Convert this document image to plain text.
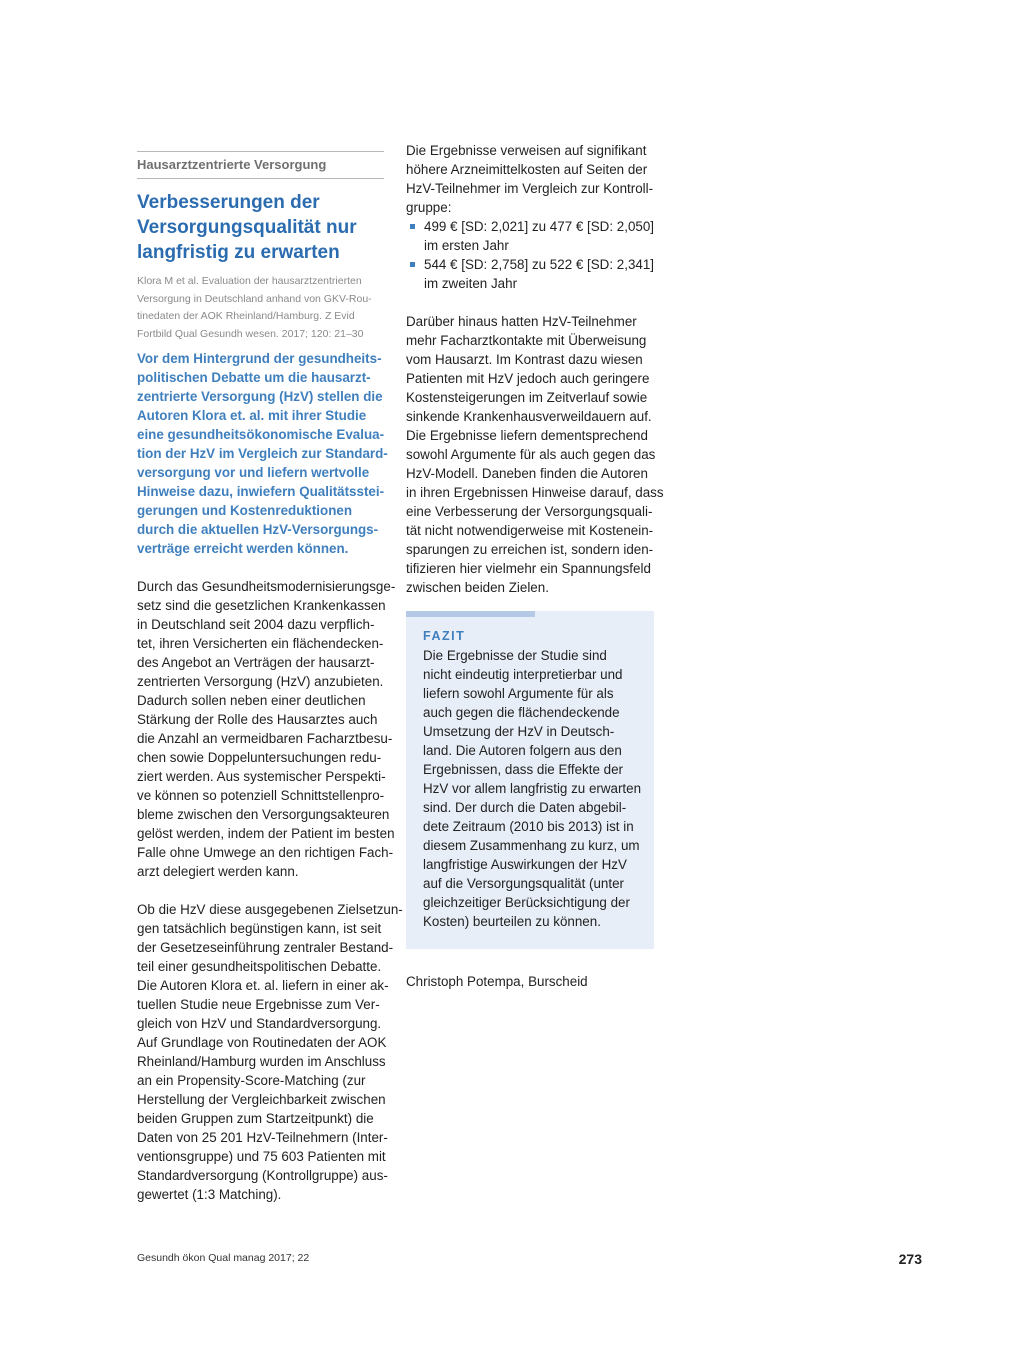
Hausarztzentrierte Versorgung
Verbesserungen der
Versorgungsqualität nur
langfristig zu erwarten
Klora M et al. Evaluation der hausarztzentrierten
Versorgung in Deutschland anhand von GKV-Rou-
tinedaten der AOK Rheinland/Hamburg. Z Evid
Fortbild Qual Gesundh wesen. 2017; 120: 21–30
Vor dem Hintergrund der gesundheits-
politischen Debatte um die hausarzt-
zentrierte Versorgung (HzV) stellen die
Autoren Klora et. al. mit ihrer Studie
eine gesundheitsökonomische Evalua-
tion der HzV im Vergleich zur Standard-
versorgung vor und liefern wertvolle
Hinweise dazu, inwiefern Qualitätsstei-
gerungen und Kostenreduktionen
durch die aktuellen HzV-Versorgungs-
verträge erreicht werden können.
Durch das Gesundheitsmodernisierungsge-
setz sind die gesetzlichen Krankenkassen
in Deutschland seit 2004 dazu verpflich-
tet, ihren Versicherten ein flächendecken-
des Angebot an Verträgen der hausarzt-
zentrierten Versorgung (HzV) anzubieten.
Dadurch sollen neben einer deutlichen
Stärkung der Rolle des Hausarztes auch
die Anzahl an vermeidbaren Facharztbesu-
chen sowie Doppeluntersuchungen redu-
ziert werden. Aus systemischer Perspekti-
ve können so potenziell Schnittstellenpro-
bleme zwischen den Versorgungsakteuren
gelöst werden, indem der Patient im besten
Falle ohne Umwege an den richtigen Fach-
arzt delegiert werden kann.
Ob die HzV diese ausgegebenen Zielsetzun-
gen tatsächlich begünstigen kann, ist seit
der Gesetzeseinführung zentraler Bestand-
teil einer gesundheitspolitischen Debatte.
Die Autoren Klora et. al. liefern in einer ak-
tuellen Studie neue Ergebnisse zum Ver-
gleich von HzV und Standardversorgung.
Auf Grundlage von Routinedaten der AOK
Rheinland/Hamburg wurden im Anschluss
an ein Propensity-Score-Matching (zur
Herstellung der Vergleichbarkeit zwischen
beiden Gruppen zum Startzeitpunkt) die
Daten von 25 201 HzV-Teilnehmern (Inter-
ventionsgruppe) und 75 603 Patienten mit
Standardversorgung (Kontrollgruppe) aus-
gewertet (1:3 Matching).
Die Ergebnisse verweisen auf signifikant
höhere Arzneimittelkosten auf Seiten der
HzV-Teilnehmer im Vergleich zur Kontroll-
gruppe:
499 € [SD: 2,021] zu 477 € [SD: 2,050]
im ersten Jahr
544 € [SD: 2,758] zu 522 € [SD: 2,341]
im zweiten Jahr
Darüber hinaus hatten HzV-Teilnehmer
mehr Facharztkontakte mit Überweisung
vom Hausarzt. Im Kontrast dazu wiesen
Patienten mit HzV jedoch auch geringere
Kostensteigerungen im Zeitverlauf sowie
sinkende Krankenhausverweildauern auf.
Die Ergebnisse liefern dementsprechend
sowohl Argumente für als auch gegen das
HzV-Modell. Daneben finden die Autoren
in ihren Ergebnissen Hinweise darauf, dass
eine Verbesserung der Versorgungsquali-
tät nicht notwendigerweise mit Kostenein-
sparungen zu erreichen ist, sondern iden-
tifizieren hier vielmehr ein Spannungsfeld
zwischen beiden Zielen.
FAZIT
Die Ergebnisse der Studie sind
nicht eindeutig interpretierbar und
liefern sowohl Argumente für als
auch gegen die flächendeckende
Umsetzung der HzV in Deutsch-
land. Die Autoren folgern aus den
Ergebnissen, dass die Effekte der
HzV vor allem langfristig zu erwarten
sind. Der durch die Daten abgebil-
dete Zeitraum (2010 bis 2013) ist in
diesem Zusammenhang zu kurz, um
langfristige Auswirkungen der HzV
auf die Versorgungsqualität (unter
gleichzeitiger Berücksichtigung der
Kosten) beurteilen zu können.
Christoph Potempa, Burscheid
Gesundh ökon Qual manag 2017; 22	273
